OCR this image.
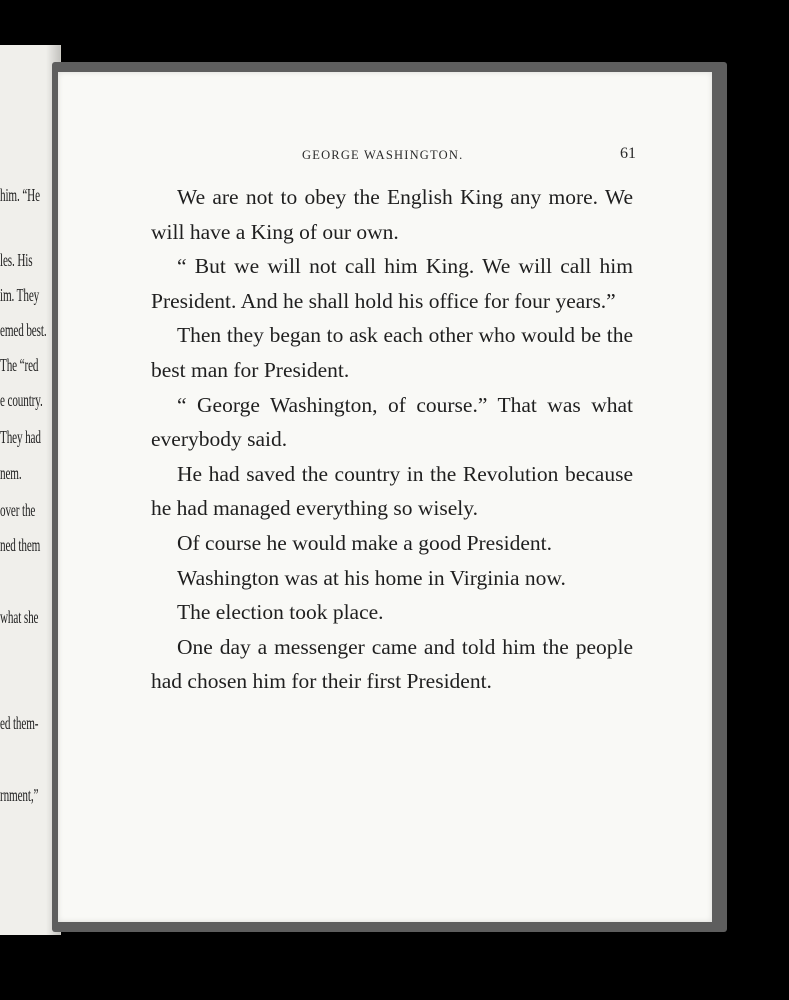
him. “He
les. His
im. They
emed best.
The “red
e country.
They had
nem.
over the
ned them
what she
ed them-
rnment,”
GEORGE WASHINGTON.	61

We are not to obey the English King any more. We will have a King of our own.

“ But we will not call him King. We will call him President. And he shall hold his office for four years.”

Then they began to ask each other who would be the best man for President.

“ George Washington, of course.” That was what everybody said.

He had saved the country in the Revolution because he had managed everything so wisely.

Of course he would make a good President.

Washington was at his home in Virginia now.

The election took place.

One day a messenger came and told him the people had chosen him for their first President.
